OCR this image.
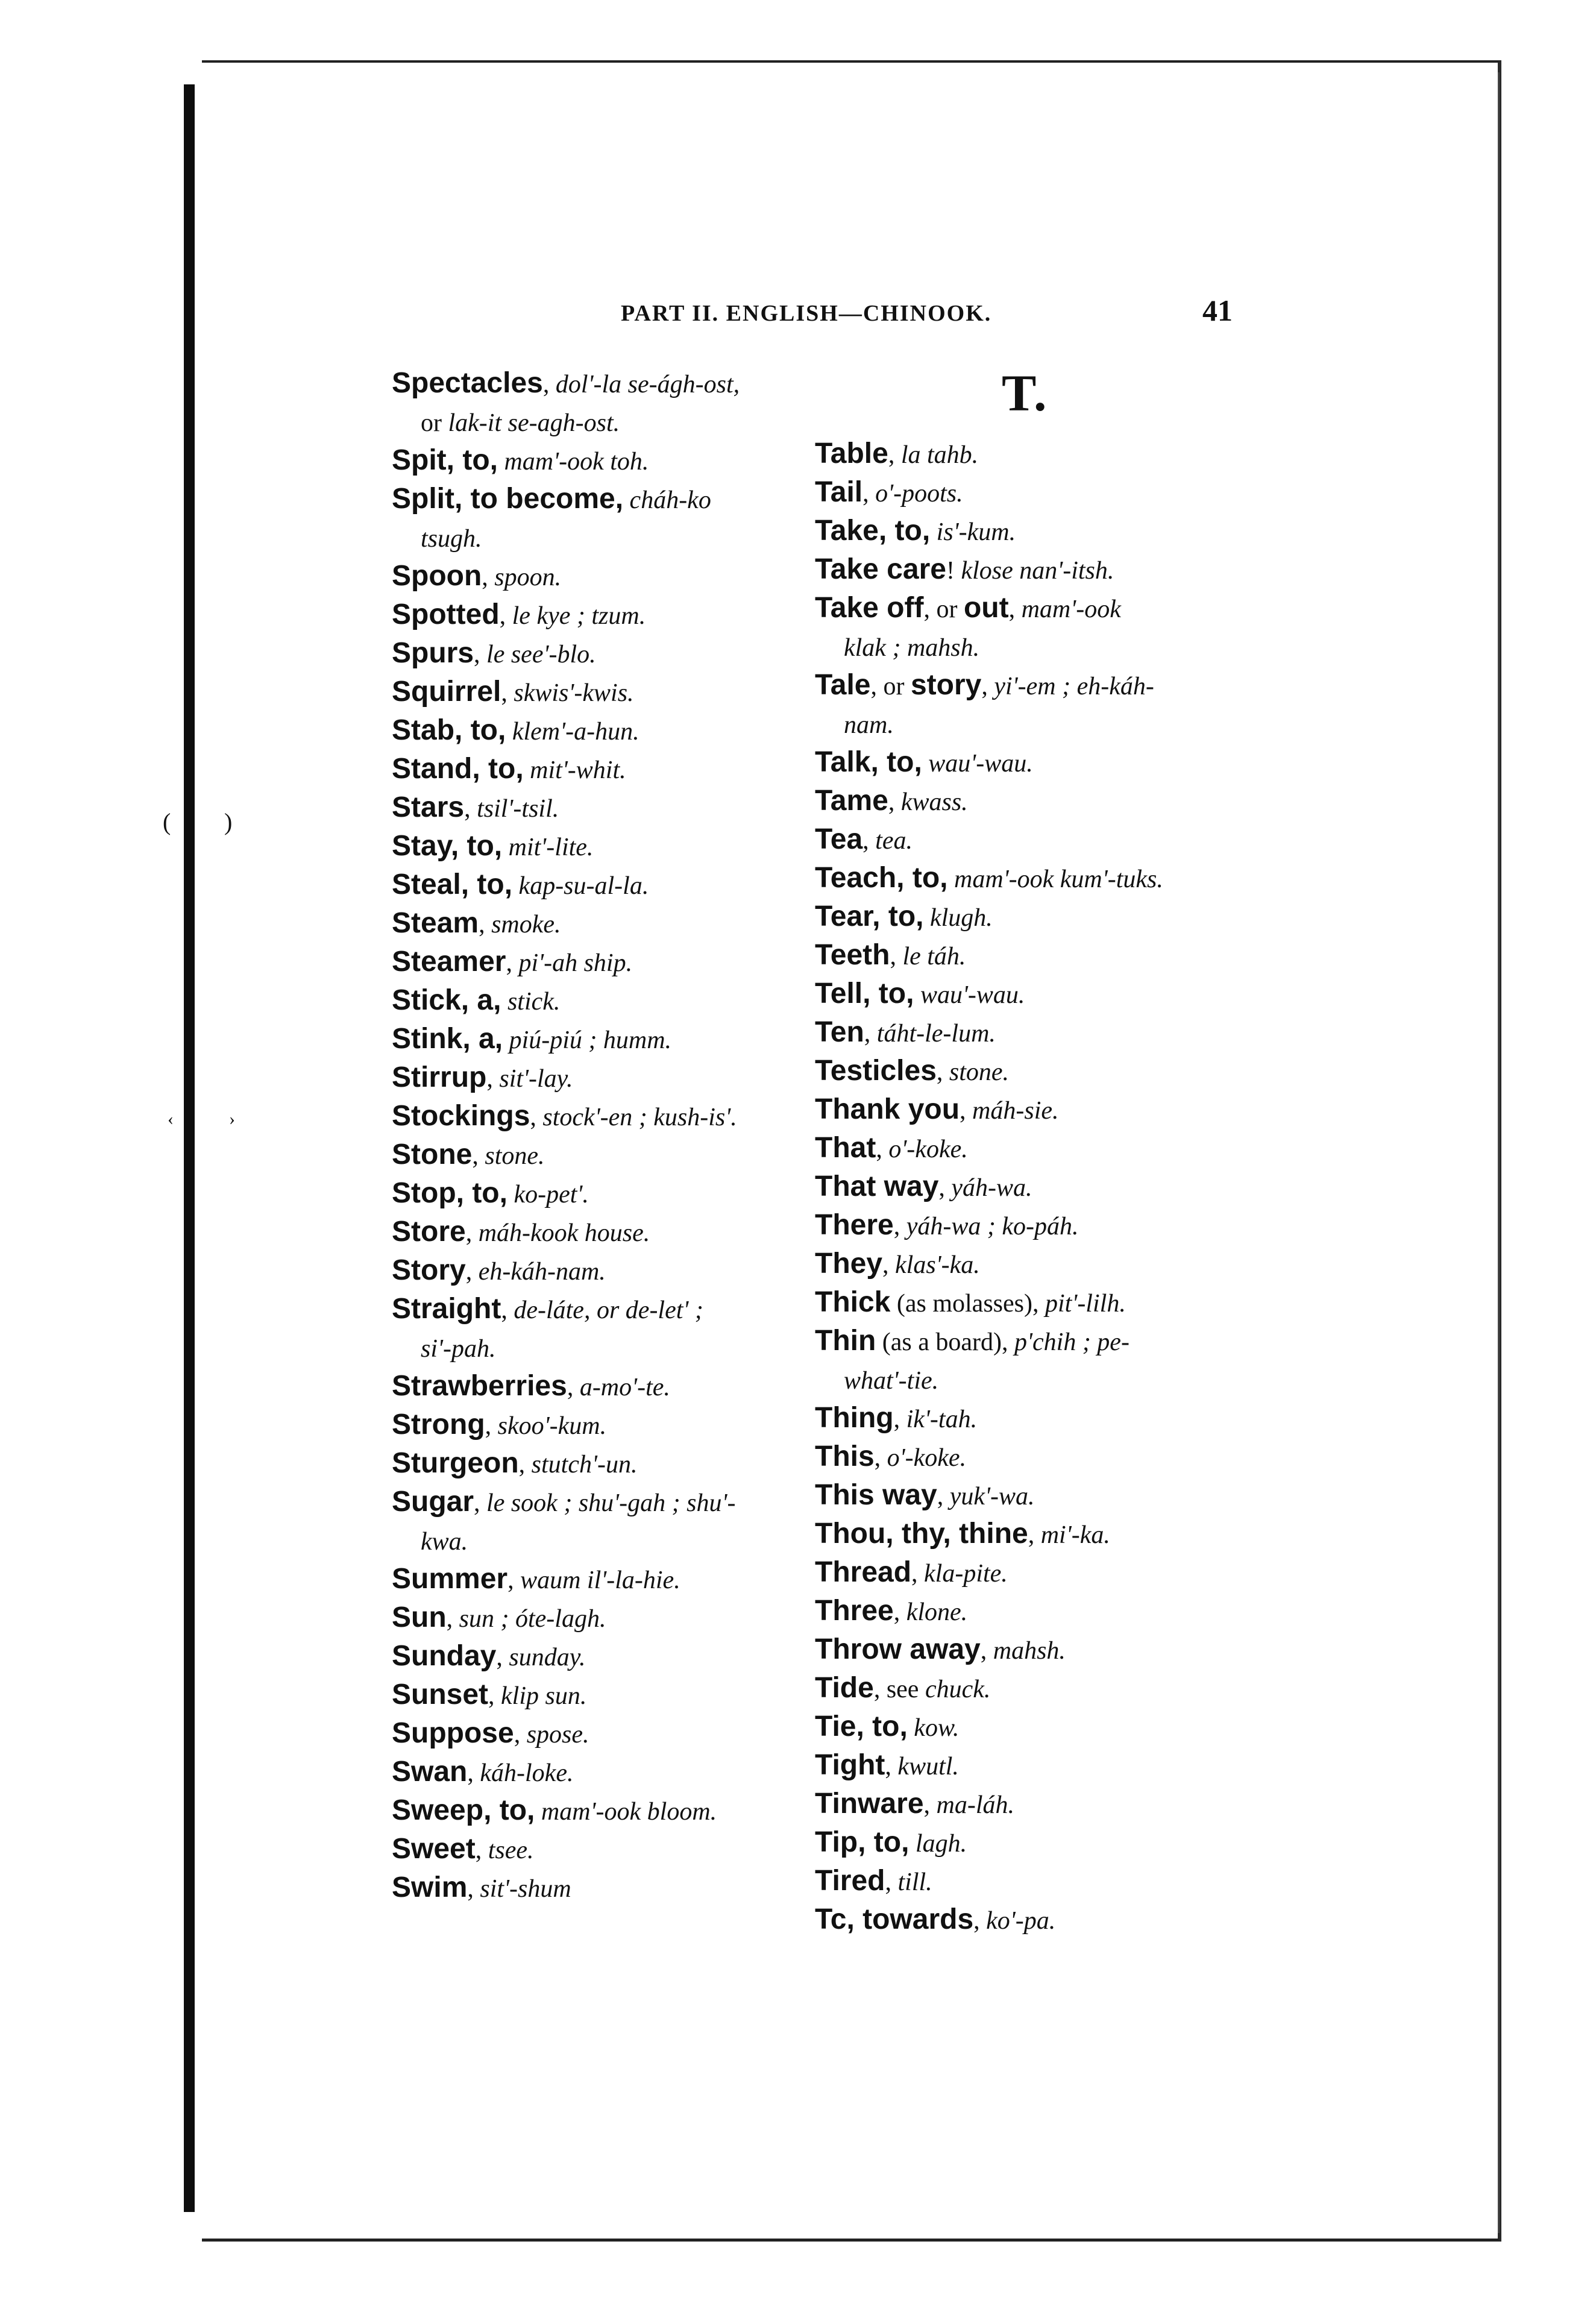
( )
‹	›
PART II. ENGLISH—CHINOOK.	41
T.
Spectacles, dol'-la se-ágh-ost,
or lak-it se-agh-ost.
Spit, to, mam'-ook toh.
Split, to become, cháh-ko
tsugh.
Spoon, spoon.
Spotted, le kye ; tzum.
Spurs, le see'-blo.
Squirrel, skwis'-kwis.
Stab, to, klem'-a-hun.
Stand, to, mit'-whit.
Stars, tsil'-tsil.
Stay, to, mit'-lite.
Steal, to, kap-su-al-la.
Steam, smoke.
Steamer, pi'-ah ship.
Stick, a, stick.
Stink, a, piú-piú ; humm.
Stirrup, sit'-lay.
Stockings, stock'-en ; kush-is'.
Stone, stone.
Stop, to, ko-pet'.
Store, máh-kook house.
Story, eh-káh-nam.
Straight, de-láte, or de-let' ;
si'-pah.
Strawberries, a-mo'-te.
Strong, skoo'-kum.
Sturgeon, stutch'-un.
Sugar, le sook ; shu'-gah ; shu'-
kwa.
Summer, waum il'-la-hie.
Sun, sun ; óte-lagh.
Sunday, sunday.
Sunset, klip sun.
Suppose, spose.
Swan, káh-loke.
Sweep, to, mam'-ook bloom.
Sweet, tsee.
Swim, sit'-shum
Table, la tahb.
Tail, o'-poots.
Take, to, is'-kum.
Take care! klose nan'-itsh.
Take off, or out, mam'-ook
klak ; mahsh.
Tale, or story, yi'-em ; eh-káh-
nam.
Talk, to, wau'-wau.
Tame, kwass.
Tea, tea.
Teach, to, mam'-ook kum'-tuks.
Tear, to, klugh.
Teeth, le táh.
Tell, to, wau'-wau.
Ten, táht-le-lum.
Testicles, stone.
Thank you, máh-sie.
That, o'-koke.
That way, yáh-wa.
There, yáh-wa ; ko-páh.
They, klas'-ka.
Thick (as molasses), pit'-lilh.
Thin (as a board), p'chih ; pe-
what'-tie.
Thing, ik'-tah.
This, o'-koke.
This way, yuk'-wa.
Thou, thy, thine, mi'-ka.
Thread, kla-pite.
Three, klone.
Throw away, mahsh.
Tide, see chuck.
Tie, to, kow.
Tight, kwutl.
Tinware, ma-láh.
Tip, to, lagh.
Tired, till.
Tc, towards, ko'-pa.
